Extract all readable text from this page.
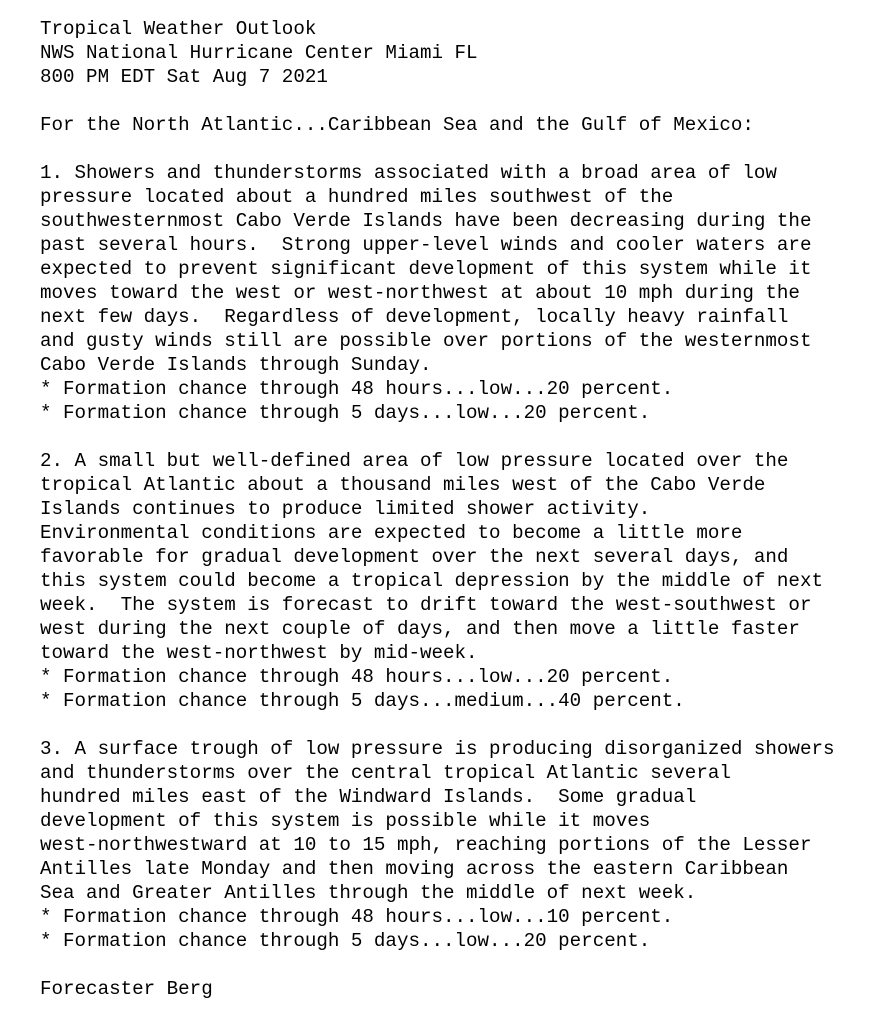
Tropical Weather Outlook
NWS National Hurricane Center Miami FL
800 PM EDT Sat Aug 7 2021
For the North Atlantic...Caribbean Sea and the Gulf of Mexico:
1. Showers and thunderstorms associated with a broad area of low
pressure located about a hundred miles southwest of the
southwesternmost Cabo Verde Islands have been decreasing during the
past several hours.  Strong upper-level winds and cooler waters are
expected to prevent significant development of this system while it
moves toward the west or west-northwest at about 10 mph during the
next few days.  Regardless of development, locally heavy rainfall
and gusty winds still are possible over portions of the westernmost
Cabo Verde Islands through Sunday.
* Formation chance through 48 hours...low...20 percent.
* Formation chance through 5 days...low...20 percent.
2. A small but well-defined area of low pressure located over the
tropical Atlantic about a thousand miles west of the Cabo Verde
Islands continues to produce limited shower activity.
Environmental conditions are expected to become a little more
favorable for gradual development over the next several days, and
this system could become a tropical depression by the middle of next
week.  The system is forecast to drift toward the west-southwest or
west during the next couple of days, and then move a little faster
toward the west-northwest by mid-week.
* Formation chance through 48 hours...low...20 percent.
* Formation chance through 5 days...medium...40 percent.
3. A surface trough of low pressure is producing disorganized showers
and thunderstorms over the central tropical Atlantic several
hundred miles east of the Windward Islands.  Some gradual
development of this system is possible while it moves
west-northwestward at 10 to 15 mph, reaching portions of the Lesser
Antilles late Monday and then moving across the eastern Caribbean
Sea and Greater Antilles through the middle of next week.
* Formation chance through 48 hours...low...10 percent.
* Formation chance through 5 days...low...20 percent.
Forecaster Berg
